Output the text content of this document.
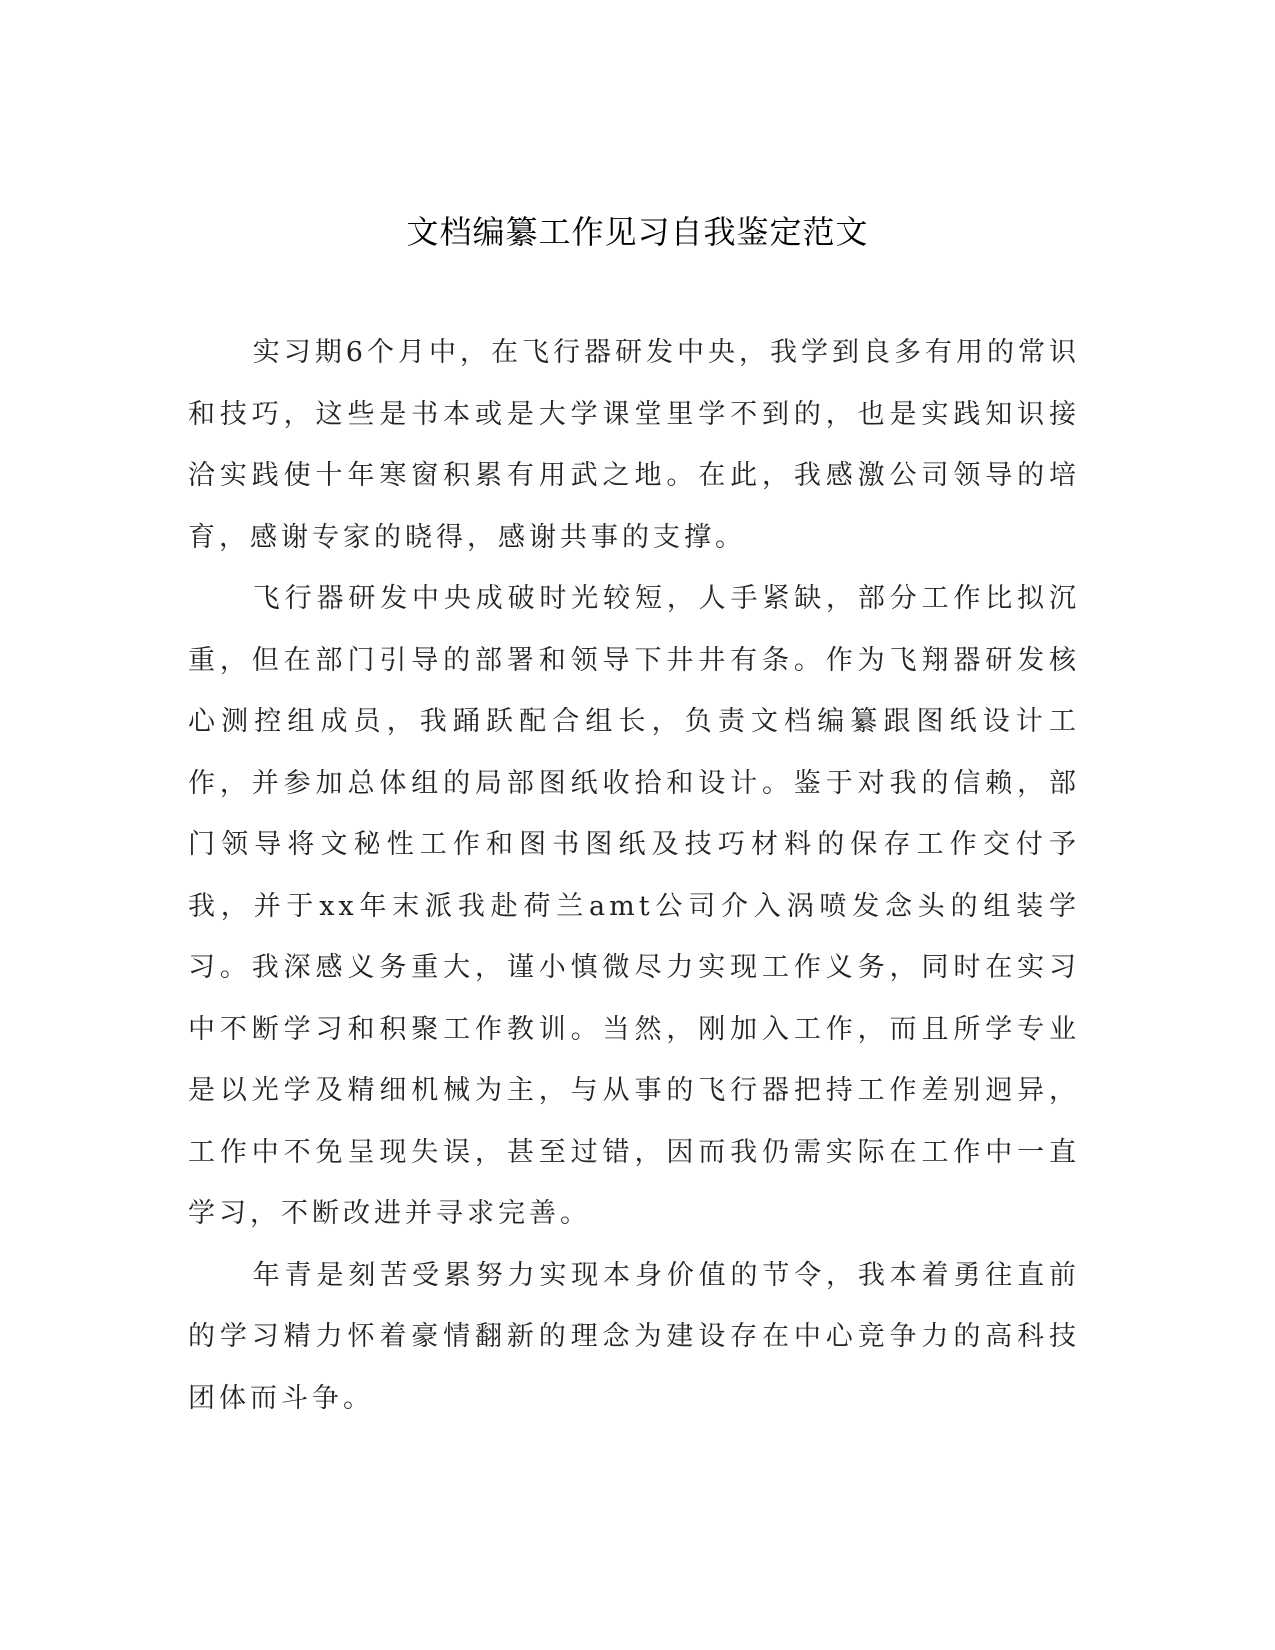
文档编纂工作见习自我鉴定范文

实习期6个月中，在飞行器研发中央，我学到良多有用的常识和技巧，这些是书本或是大学课堂里学不到的，也是实践知识接洽实践使十年寒窗积累有用武之地。在此，我感激公司领导的培育，感谢专家的晓得，感谢共事的支撑。

飞行器研发中央成破时光较短，人手紧缺，部分工作比拟沉重，但在部门引导的部署和领导下井井有条。作为飞翔器研发核心测控组成员，我踊跃配合组长，负责文档编纂跟图纸设计工作，并参加总体组的局部图纸收拾和设计。鉴于对我的信赖，部门领导将文秘性工作和图书图纸及技巧材料的保存工作交付予我，并于xx年末派我赴荷兰amt公司介入涡喷发念头的组装学习。我深感义务重大，谨小慎微尽力实现工作义务，同时在实习中不断学习和积聚工作教训。当然，刚加入工作，而且所学专业是以光学及精细机械为主，与从事的飞行器把持工作差别迥异，工作中不免呈现失误，甚至过错，因而我仍需实际在工作中一直学习，不断改进并寻求完善。

年青是刻苦受累努力实现本身价值的节令，我本着勇往直前的学习精力怀着豪情翻新的理念为建设存在中心竞争力的高科技团体而斗争。
